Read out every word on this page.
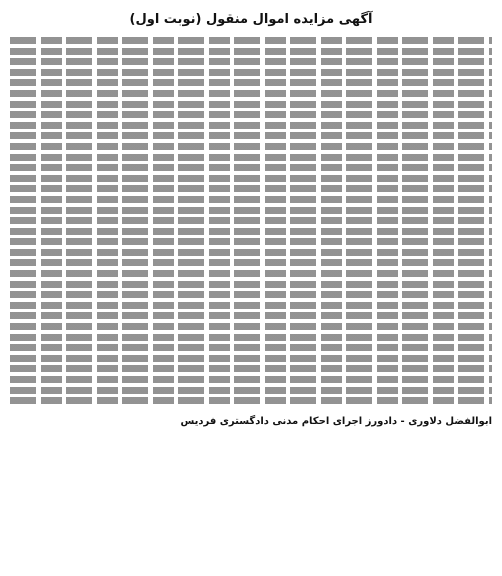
آگهی مزایده اموال منقول (نوبت اول)
ابوالفضل دلاوری - دادورز اجرای احکام مدنی دادگستری فردیس
